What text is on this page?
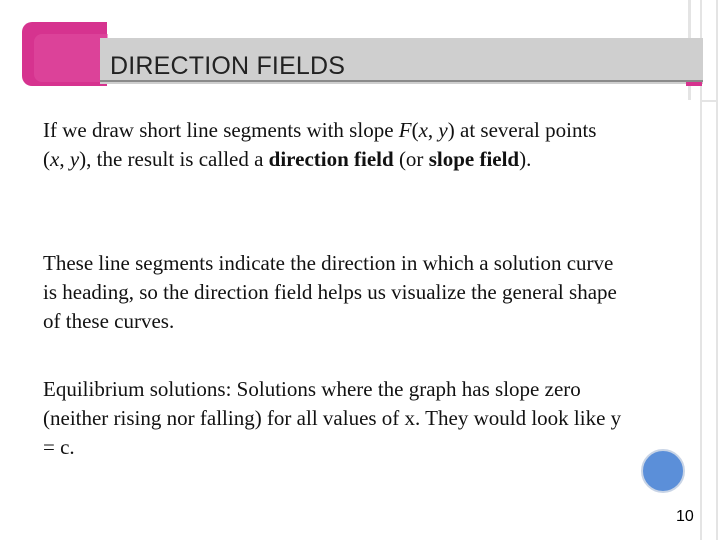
DIRECTION FIELDS
If we draw short line segments with slope F(x, y) at several points (x, y), the result is called a direction field (or slope field).
These line segments indicate the direction in which a solution curve is heading, so the direction field helps us visualize the general shape of these curves.
Equilibrium solutions: Solutions where the graph has slope zero (neither rising nor falling) for all values of x. They would look like y = c.
10
